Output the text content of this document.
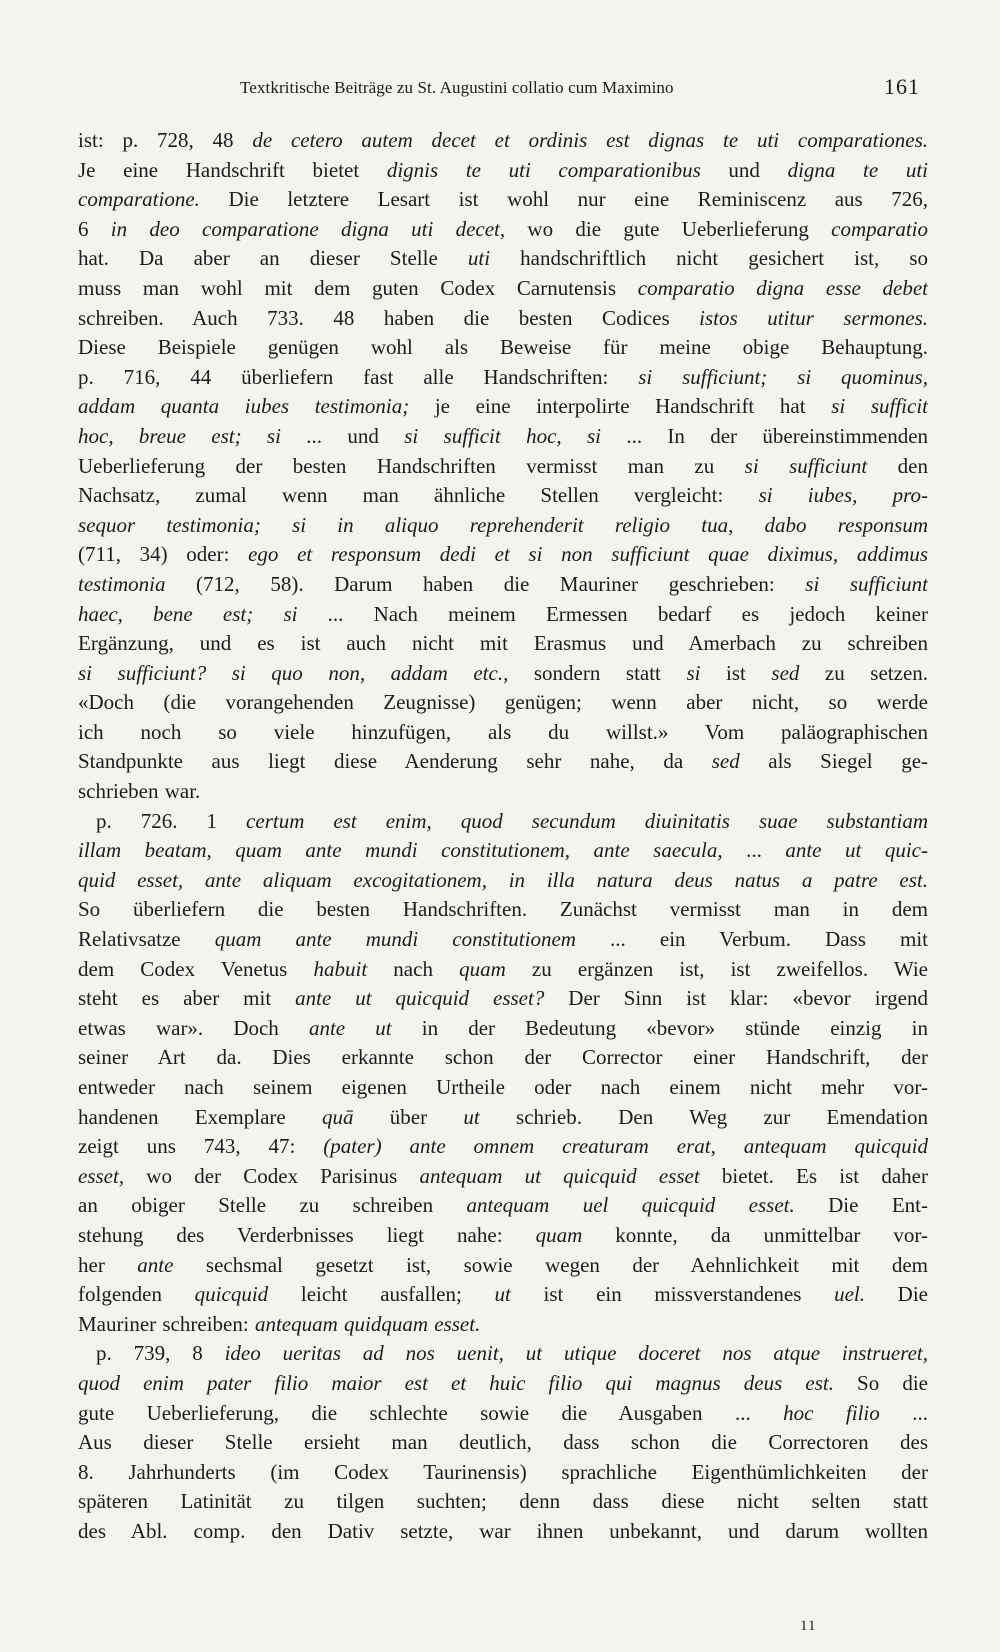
Textkritische Beiträge zu St. Augustini collatio cum Maximino	161
ist: p. 728, 48 de cetero autem decet et ordinis est dignas te uti comparationes.
Je eine Handschrift bietet dignis te uti comparationibus und digna te uti
comparatione. Die letztere Lesart ist wohl nur eine Reminiscenz aus 726,
6 in deo comparatione digna uti decet, wo die gute Ueberlieferung comparatio
hat. Da aber an dieser Stelle uti handschriftlich nicht gesichert ist, so
muss man wohl mit dem guten Codex Carnutensis comparatio digna esse debet
schreiben. Auch 733. 48 haben die besten Codices istos utitur sermones.
Diese Beispiele genügen wohl als Beweise für meine obige Behauptung.
p. 716, 44 überliefern fast alle Handschriften: si sufficiunt; si quominus,
addam quanta iubes testimonia; je eine interpolirte Handschrift hat si sufficit
hoc, breue est; si ... und si sufficit hoc, si ... In der übereinstimmenden
Ueberlieferung der besten Handschriften vermisst man zu si sufficiunt den
Nachsatz, zumal wenn man ähnliche Stellen vergleicht: si iubes, pro-
sequor testimonia; si in aliquo reprehenderit religio tua, dabo responsum
(711, 34) oder: ego et responsum dedi et si non sufficiunt quae diximus, addimus
testimonia (712, 58). Darum haben die Mauriner geschrieben: si sufficiunt
haec, bene est; si ... Nach meinem Ermessen bedarf es jedoch keiner
Ergänzung, und es ist auch nicht mit Erasmus und Amerbach zu schreiben
si sufficiunt? si quo non, addam etc., sondern statt si ist sed zu setzen.
«Doch (die vorangehenden Zeugnisse) genügen; wenn aber nicht, so werde
ich noch so viele hinzufügen, als du willst.» Vom paläographischen
Standpunkte aus liegt diese Aenderung sehr nahe, da sed als Siegel ge-
schrieben war.
p. 726. 1 certum est enim, quod secundum diuinitatis suae substantiam
illam beatam, quam ante mundi constitutionem, ante saecula, ... ante ut quic-
quid esset, ante aliquam excogitationem, in illa natura deus natus a patre est.
So überliefern die besten Handschriften. Zunächst vermisst man in dem
Relativsatze quam ante mundi constitutionem ... ein Verbum. Dass mit
dem Codex Venetus habuit nach quam zu ergänzen ist, ist zweifellos. Wie
steht es aber mit ante ut quicquid esset? Der Sinn ist klar: «bevor irgend
etwas war». Doch ante ut in der Bedeutung «bevor» stünde einzig in
seiner Art da. Dies erkannte schon der Corrector einer Handschrift, der
entweder nach seinem eigenen Urtheile oder nach einem nicht mehr vor-
handenen Exemplare quā über ut schrieb. Den Weg zur Emendation
zeigt uns 743, 47: (pater) ante omnem creaturam erat, antequam quicquid
esset, wo der Codex Parisinus antequam ut quicquid esset bietet. Es ist daher
an obiger Stelle zu schreiben antequam uel quicquid esset. Die Ent-
stehung des Verderbnisses liegt nahe: quam konnte, da unmittelbar vor-
her ante sechsmal gesetzt ist, sowie wegen der Aehnlichkeit mit dem
folgenden quicquid leicht ausfallen; ut ist ein missverstandenes uel. Die
Mauriner schreiben: antequam quidquam esset.
p. 739, 8 ideo ueritas ad nos uenit, ut utique doceret nos atque instrueret,
quod enim pater filio maior est et huic filio qui magnus deus est. So die
gute Ueberlieferung, die schlechte sowie die Ausgaben ... hoc filio ...
Aus dieser Stelle ersieht man deutlich, dass schon die Correctoren des
8. Jahrhunderts (im Codex Taurinensis) sprachliche Eigenthümlichkeiten der
späteren Latinität zu tilgen suchten; denn dass diese nicht selten statt
des Abl. comp. den Dativ setzte, war ihnen unbekannt, und darum wollten
11
